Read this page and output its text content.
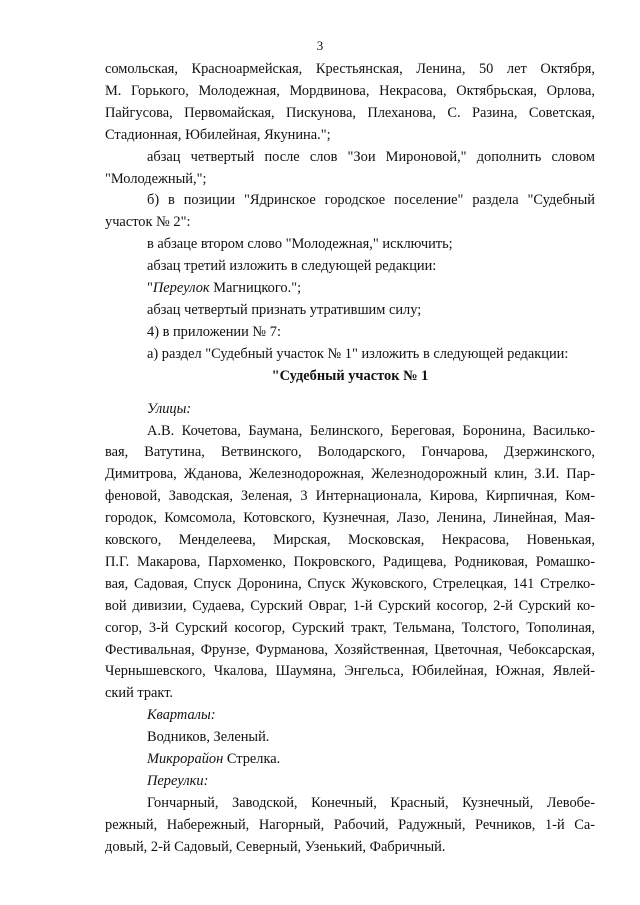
3

сомольская, Красноармейская, Крестьянская, Ленина, 50 лет Октября,

М. Горького, Молодежная, Мордвинова, Некрасова, Октябрьская, Орлова,

Пайгусова, Первомайская, Пискунова, Плеханова, С. Разина, Советская,

Стадионная, Юбилейная, Якунина.";

абзац четвертый после слов "Зои Мироновой," дополнить словом

"Молодежный,";

б) в позиции "Ядринское городское поселение" раздела "Судебный

участок № 2":

в абзаце втором слово "Молодежная," исключить;

абзац третий изложить в следующей редакции:

"Переулок Магницкого.";

абзац четвертый признать утратившим силу;

4) в приложении № 7:

а) раздел "Судебный участок № 1" изложить в следующей редакции:

"Судебный участок № 1

Улицы:

А.В. Кочетова, Баумана, Белинского, Береговая, Боронина, Василько-

вая, Ватутина, Ветвинского, Володарского, Гончарова, Дзержинского,

Димитрова, Жданова, Железнодорожная, Железнодорожный клин, З.И. Пар-

феновой, Заводская, Зеленая, 3 Интернационала, Кирова, Кирпичная, Ком-

городок, Комсомола, Котовского, Кузнечная, Лазо, Ленина, Линейная, Мая-

ковского, Менделеева, Мирская, Московская, Некрасова, Новенькая,

П.Г. Макарова, Пархоменко, Покровского, Радищева, Родниковая, Ромашко-

вая, Садовая, Спуск Доронина, Спуск Жуковского, Стрелецкая, 141 Стрелко-

вой дивизии, Судаева, Сурский Овраг, 1-й Сурский косогор, 2-й Сурский ко-

согор, 3-й Сурский косогор, Сурский тракт, Тельмана, Толстого, Тополиная,

Фестивальная, Фрунзе, Фурманова, Хозяйственная, Цветочная, Чебоксарская,

Чернышевского, Чкалова, Шаумяна, Энгельса, Юбилейная, Южная, Явлей-

ский тракт.

Кварталы:

Водников, Зеленый.

Микрорайон Стрелка.

Переулки:

Гончарный, Заводской, Конечный, Красный, Кузнечный, Левобе-

режный, Набережный, Нагорный, Рабочий, Радужный, Речников, 1-й Са-

довый, 2-й Садовый, Северный, Узенький, Фабричный.
